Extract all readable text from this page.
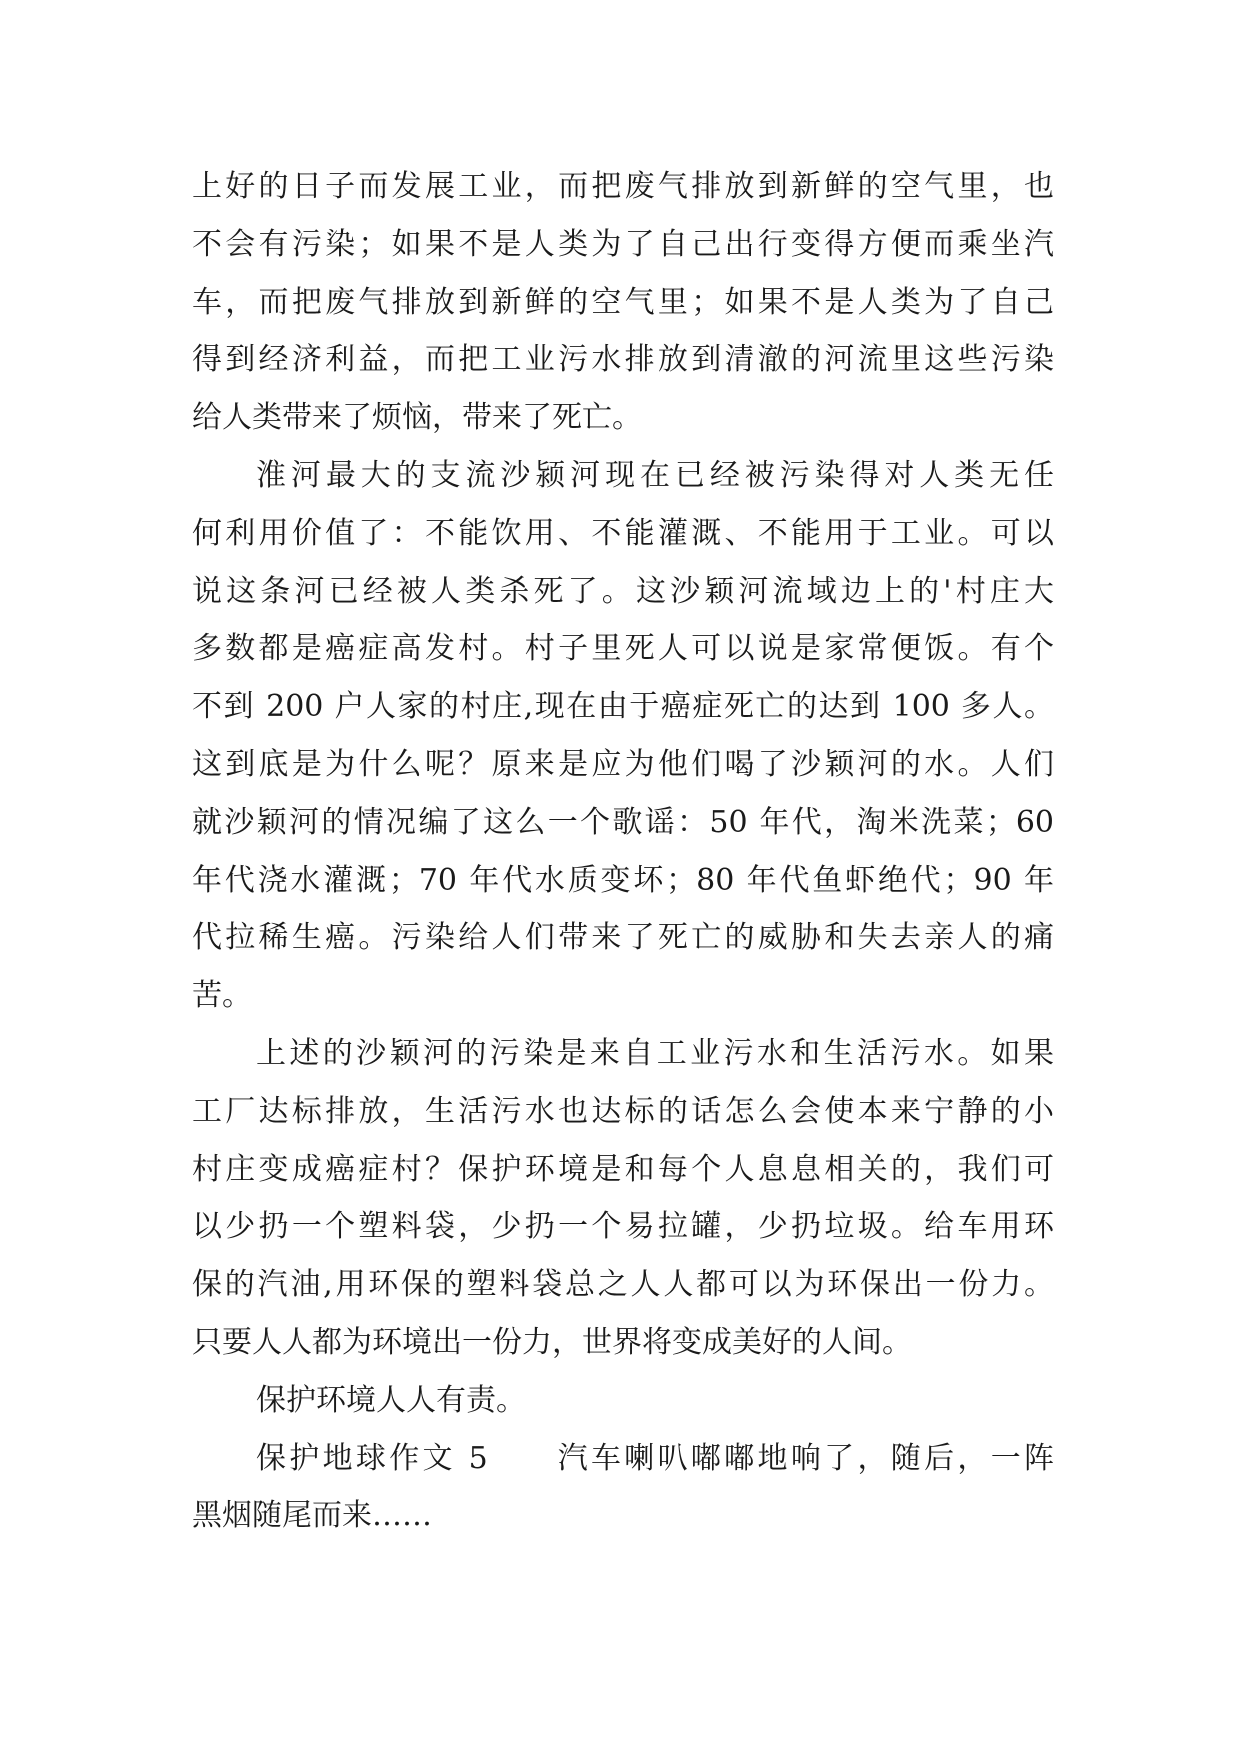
上好的日子而发展工业，而把废气排放到新鲜的空气里，也
不会有污染；如果不是人类为了自己出行变得方便而乘坐汽
车，而把废气排放到新鲜的空气里；如果不是人类为了自己
得到经济利益，而把工业污水排放到清澈的河流里这些污染
给人类带来了烦恼，带来了死亡。
淮河最大的支流沙颍河现在已经被污染得对人类无任
何利用价值了：不能饮用、不能灌溉、不能用于工业。可以
说这条河已经被人类杀死了。这沙颖河流域边上的'村庄大
多数都是癌症高发村。村子里死人可以说是家常便饭。有个
不到 200 户人家的村庄,现在由于癌症死亡的达到 100 多人。
这到底是为什么呢？原来是应为他们喝了沙颖河的水。人们
就沙颖河的情况编了这么一个歌谣：50 年代，淘米洗菜；60
年代浇水灌溉；70 年代水质变坏；80 年代鱼虾绝代；90 年
代拉稀生癌。污染给人们带来了死亡的威胁和失去亲人的痛
苦。
上述的沙颖河的污染是来自工业污水和生活污水。如果
工厂达标排放，生活污水也达标的话怎么会使本来宁静的小
村庄变成癌症村？保护环境是和每个人息息相关的，我们可
以少扔一个塑料袋，少扔一个易拉罐，少扔垃圾。给车用环
保的汽油,用环保的塑料袋总之人人都可以为环保出一份力。
只要人人都为环境出一份力，世界将变成美好的人间。
保护环境人人有责。
保护地球作文 5　　汽车喇叭嘟嘟地响了，随后，一阵
黑烟随尾而来……
